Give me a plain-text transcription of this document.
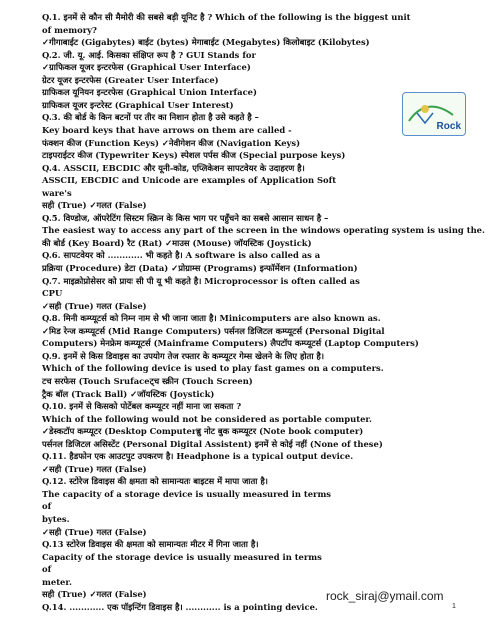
Q.1. इनमें से कौन सी मैमोरी की सबसे बड़ी यूनिट है ? Which of the following is the biggest unit
of memory?
✓गीगाबाईट (Gigabytes) बाईट (bytes) मेगाबाईट (Megabytes) किलोबाइट (Kilobytes)
Q.2. जी. यू. आई. किसका संक्षिप्त रूप है ? GUI Stands for
✓ग्राफिकल यूजर इन्टरफेस (Graphical User Interface)
ग्रेटर यूजर इन्टरफेस (Greater User Interface)
ग्राफिकल यूनियन इन्टरफेस (Graphical Union Interface)
ग्राफिकल यूजर इन्टरेस्ट (Graphical User Interest)
Q.3. की बोर्ड के किन बटनों पर तीर का निशान होता है उसे कहते है –
Key board keys that have arrows on them are called -
फंक्शन कीज (Function Keys) ✓नेवीगेशन कीज (Navigation Keys)
टाइपराईटर कीज (Typewriter Keys) स्पेशल पर्पस कीज (Special purpose keys)
Q.4. ASSCII, EBCDIC और यूनी-कोड, एप्लिकेशन सापटवेयर के उदाहरण है।
ASSCII, EBCDIC and Unicode are examples of Application Soft
ware's
सही (True) ✓गलत (False)
Q.5. विण्डोज, ऑपरेटिंग सिस्टम स्क्रिन के किस भाग पर पहुँचने का सबसे आसान साधन है –
The easiest way to access any part of the screen in the windows operating system is using the.
की बोर्ड (Key Board) रैट (Rat) ✓माउस (Mouse) जॉयस्टिक (Joystick)
Q.6. सापटवेयर को ............ भी कहते है। A software is also called as a
प्रक्रिया (Procedure) डेटा (Data) ✓प्रोग्राम्स (Programs) इन्फॉर्मेशन (Information)
Q.7. माइक्रोप्रोसेसर को प्रायः सी पी यू भी कहते है। Microprocessor is often called as
CPU
✓सही (True) गलत (False)
Q.8. मिनी कम्प्यूटर्स को निम्न नाम से भी जाना जाता है। Minicomputers are also known as.
✓मिड रेन्ज कम्प्यूटर्स (Mid Range Computers) पर्सनल डिजिटल कम्प्यूटर्स (Personal Digital
Computers) मेनफ्रेम कम्प्यूटर्स (Mainframe Computers) लैपटॉप कम्प्यूटर्स (Laptop Computers)
Q.9. इनमें से किस डिवाइस का उपयोग तेज रफ्तार के कम्प्यूटर गेम्स खेलने के लिए होता है।
Which of the following device is used to play fast games on a computers.
टच सरफेस (Touch Srufaceट्च स्क्रीन (Touch Screen)
ट्रैक बॉल (Track Ball) ✓जॉयस्टिक (Joystick)
Q.10. इनमें से किसको पोर्टेबल कम्प्यूटर नहीं माना जा सकता ?
Which of the following would not be considered as portable computer.
✓डेस्कटॉप कम्प्यूटर (Desktop Computerब्रु नोट बुक कम्प्यूटर (Note book computer)
पर्सनल डिजिटल असिस्टेंट (Personal Digital Assistent) इनमें से कोई नहीं (None of these)
Q.11. हैडफोन एक आउटपुट उपकरण है। Headphone is a typical output device.
✓सही (True) गलत (False)
Q.12. स्टोरेज डिवाइस की क्षमता को सामान्यतः बाइटस में मापा जाता है।
The capacity of a storage device is usually measured in terms
of
bytes.
✓सही (True) गलत (False)
Q.13 स्टोरेज डिवाइस की क्षमता को सामान्यतः मीटर में गिना जाता है।
Capacity of the storage device is usually measured in terms
of
meter.
सही (True) ✓गलत (False)
Q.14. ............ एक पॉइन्टिंग डिवाइस है। ............ is a pointing device.
Rock
rock_siraj@ymail.com
1
